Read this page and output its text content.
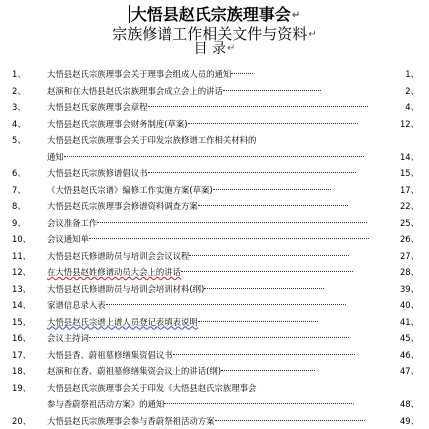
大悟县赵氏宗族理事会↵
宗族修谱工作相关文件与资料↵
目 录↵
1、	大悟县赵氏宗族理事会关于理事会组成人员的通知	1、
2、	赵演和在大悟县赵氏宗族理事会成立会上的讲话	2、
3、	大悟县赵氏家族理事会章程	4、
4、	大悟县赵氏宗族理事会财务制度(草案)	12、
5、	大悟县赵氏宗族理事会关于印发宗族修谱工作相关材料的
通知	14、
6、	大悟县赵氏宗族修谱倡议书	15、
7、	《大悟县赵氏宗谱》编修工作实施方案(草案)	17、
8、	大悟县赵氏宗族理事会修谱资料调查方案	22、
9、	会议准备工作	25、
10、 会议通知单	26、
11、 大悟县赵氏修谱助员与培训会会议议程	27、
12、 在大悟县赵姓修谱动员大会上的讲话	28、
13、 大悟县赵氏修谱助员与培训会培训材料(纲)	39、
14、 家谱信息录入表	40、
15、 大悟县赵氏宗谱上谱人员登记表填表说明	41、
16、 会议主持词	45、
17、 大悟县香、蔚祖墓修缮集资倡议书	46、
18、 赵演和在香、蔚祖墓修缮集资会议上的讲话(纲)	47、
19、 大悟县赵氏宗族理事会关于印发《大悟县赵氏宗族理事会
参与香蔚祭祖活动方案》的通知	48、
20、 大悟县赵氏宗族理事会参与香蔚祭祖活动方案	49、
